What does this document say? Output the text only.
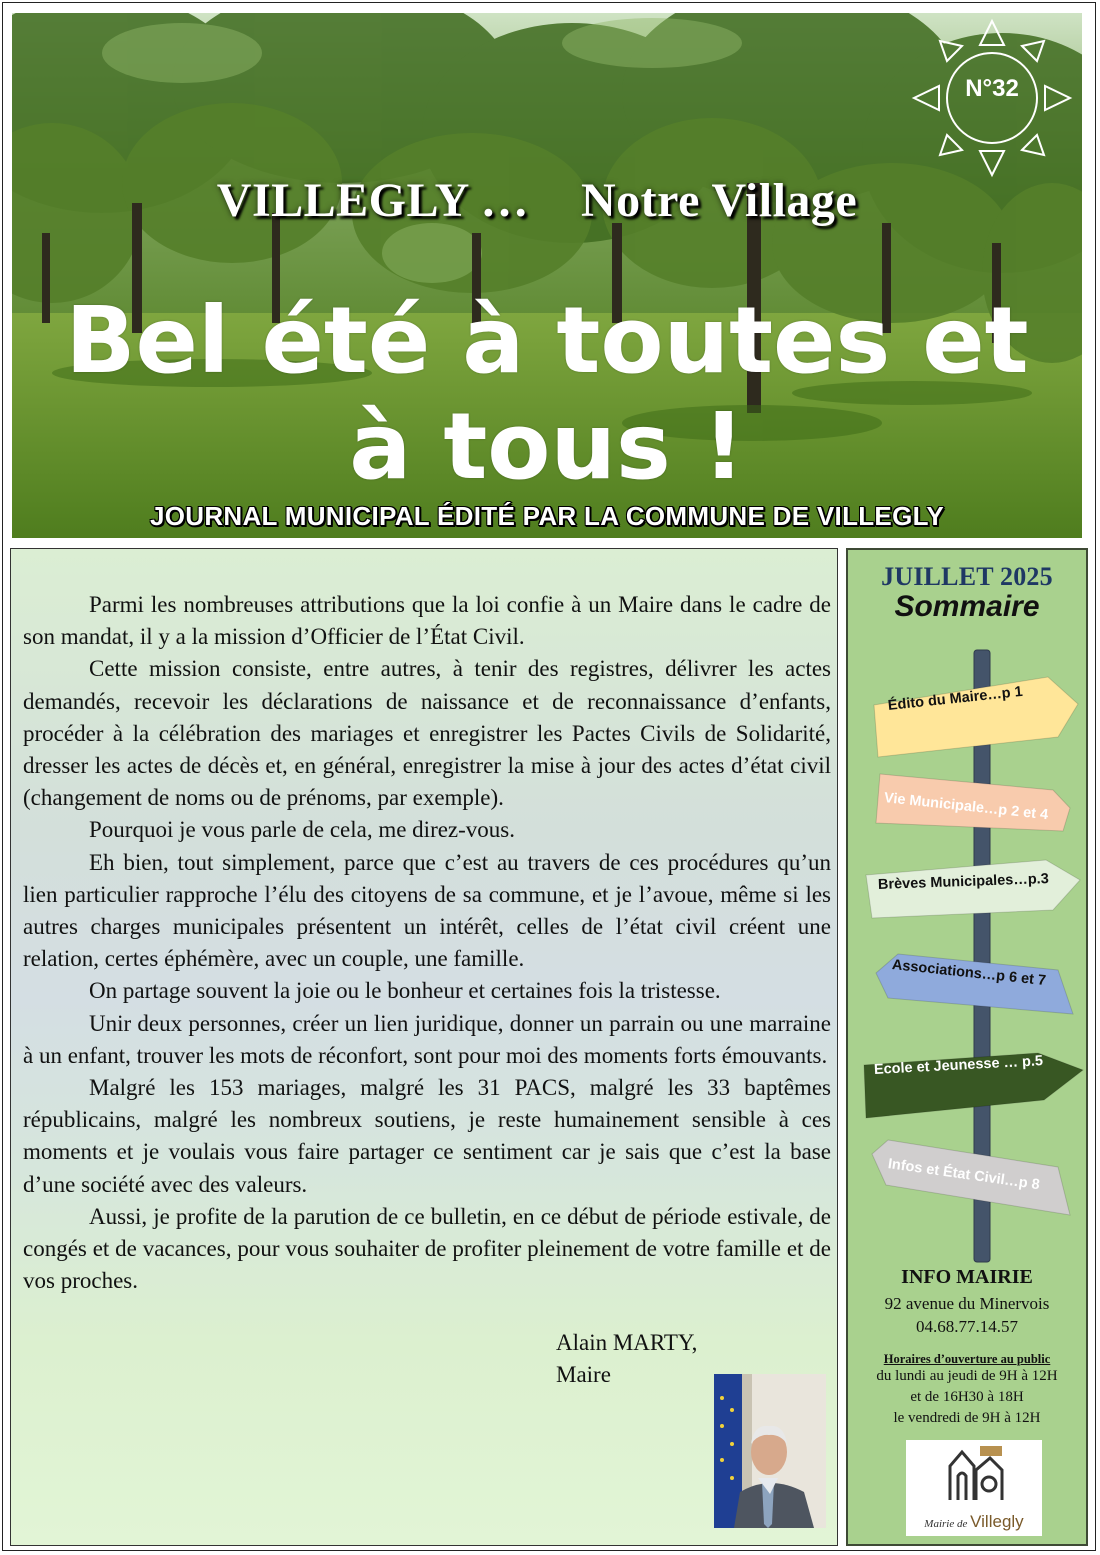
N°32
VILLEGLY … Notre Village
Bel été à toutes et
à tous !
JOURNAL MUNICIPAL ÉDITÉ PAR LA COMMUNE DE VILLEGLY

Parmi les nombreuses attributions que la loi confie à un Maire dans le cadre de son mandat, il y a la mission d’Officier de l’État Civil.

Cette mission consiste, entre autres, à tenir des registres, délivrer les actes demandés, recevoir les déclarations de naissance et de reconnaissance d’enfants, procéder à la célébration des mariages et enregistrer les Pactes Civils de Solidarité, dresser les actes de décès et, en général, enregistrer la mise à jour des actes d’état civil (changement de noms ou de prénoms, par exemple).

Pourquoi je vous parle de cela, me direz-vous.

Eh bien, tout simplement, parce que c’est au travers de ces procédures qu’un lien particulier rapproche l’élu des citoyens de sa commune, et je l’avoue, même si les autres charges municipales présentent un intérêt, celles de l’état civil créent une relation, certes éphémère, avec un couple, une famille.

On partage souvent la joie ou le bonheur et certaines fois la tristesse.

Unir deux personnes, créer un lien juridique, donner un parrain ou une marraine à un enfant, trouver les mots de réconfort, sont pour moi des moments forts émouvants.

Malgré les 153 mariages, malgré les 31 PACS, malgré les 33 baptêmes républicains, malgré les nombreux soutiens, je reste humainement sensible à ces moments et je voulais vous faire partager ce sentiment car je sais que c’est la base d’une société avec des valeurs.

Aussi, je profite de la parution de ce bulletin, en ce début de période estivale, de congés et de vacances, pour vous souhaiter de profiter pleinement de votre famille et de vos proches.

Alain MARTY,
Maire
JUILLET 2025
Sommaire
Édito du Maire…p 1
Vie Municipale…p 2 et 4
Brèves Municipales…p.3
Associations…p 6 et 7
Ecole et Jeunesse … p.5
Infos et État Civil…p 8
INFO MAIRIE
92 avenue du Minervois
04.68.77.14.57
Horaires d’ouverture au public
du lundi au jeudi de 9H à 12H
et de 16H30 à 18H
le vendredi de 9H à 12H
Mairie de Villegly
